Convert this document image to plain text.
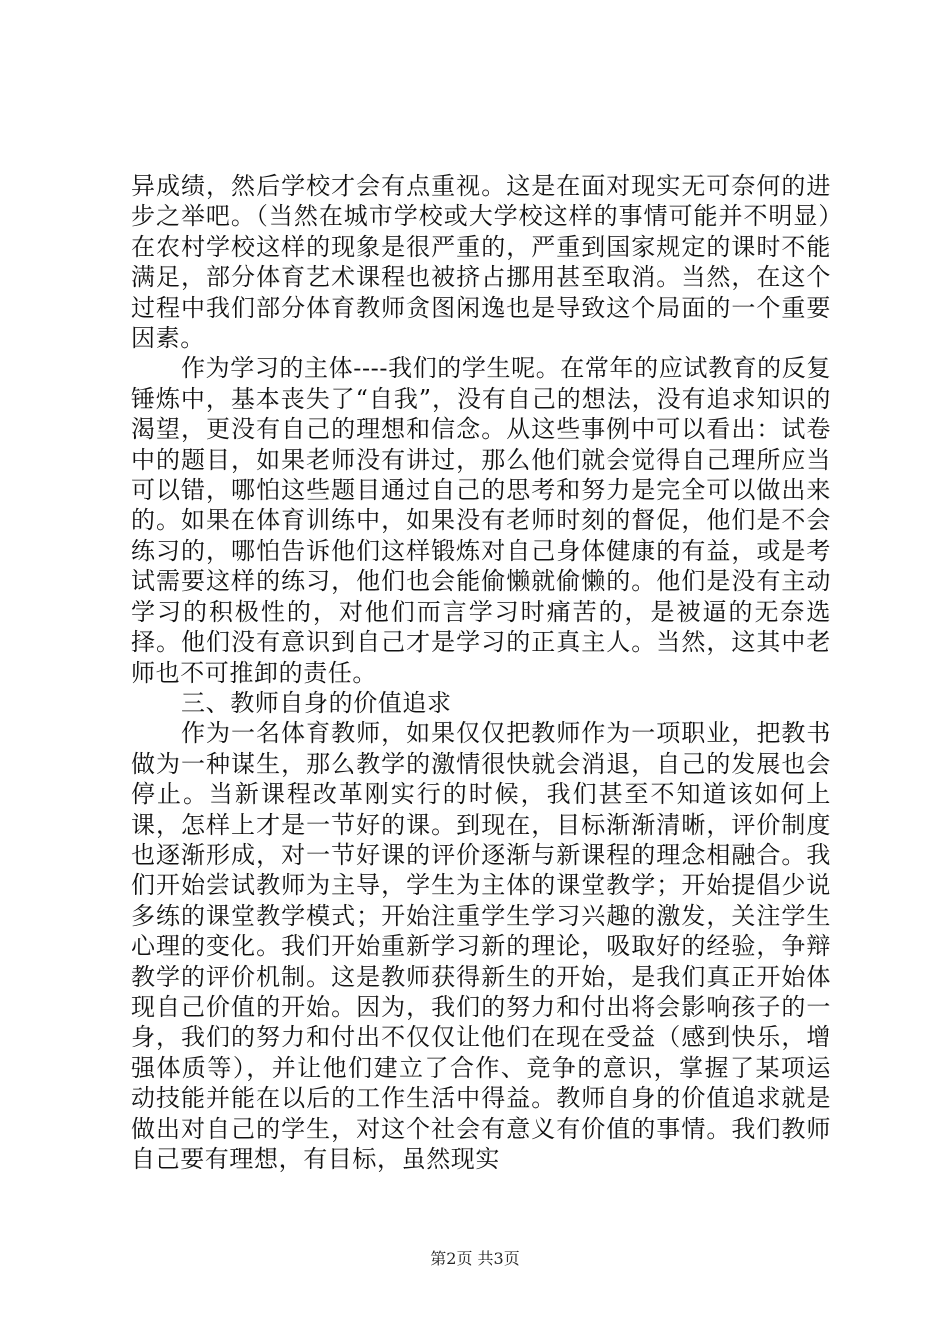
异成绩，然后学校才会有点重视。这是在面对现实无可奈何的进步之举吧。（当然在城市学校或大学校这样的事情可能并不明显）在农村学校这样的现象是很严重的，严重到国家规定的课时不能满足，部分体育艺术课程也被挤占挪用甚至取消。当然，在这个过程中我们部分体育教师贪图闲逸也是导致这个局面的一个重要因素。

作为学习的主体----我们的学生呢。在常年的应试教育的反复锤炼中，基本丧失了“自我”，没有自己的想法，没有追求知识的渴望，更没有自己的理想和信念。从这些事例中可以看出：试卷中的题目，如果老师没有讲过，那么他们就会觉得自己理所应当可以错，哪怕这些题目通过自己的思考和努力是完全可以做出来的。如果在体育训练中，如果没有老师时刻的督促，他们是不会练习的，哪怕告诉他们这样锻炼对自己身体健康的有益，或是考试需要这样的练习，他们也会能偷懒就偷懒的。他们是没有主动学习的积极性的，对他们而言学习时痛苦的，是被逼的无奈选择。他们没有意识到自己才是学习的正真主人。当然，这其中老师也不可推卸的责任。

三、教师自身的价值追求

作为一名体育教师，如果仅仅把教师作为一项职业，把教书做为一种谋生，那么教学的激情很快就会消退，自己的发展也会停止。当新课程改革刚实行的时候，我们甚至不知道该如何上课，怎样上才是一节好的课。到现在，目标渐渐清晰，评价制度也逐渐形成，对一节好课的评价逐渐与新课程的理念相融合。我们开始尝试教师为主导，学生为主体的课堂教学；开始提倡少说多练的课堂教学模式；开始注重学生学习兴趣的激发，关注学生心理的变化。我们开始重新学习新的理论，吸取好的经验，争辩教学的评价机制。这是教师获得新生的开始，是我们真正开始体现自己价值的开始。因为，我们的努力和付出将会影响孩子的一身，我们的努力和付出不仅仅让他们在现在受益（感到快乐，增强体质等），并让他们建立了合作、竞争的意识，掌握了某项运动技能并能在以后的工作生活中得益。教师自身的价值追求就是做出对自己的学生，对这个社会有意义有价值的事情。我们教师自己要有理想，有目标，虽然现实

第2页 共3页
